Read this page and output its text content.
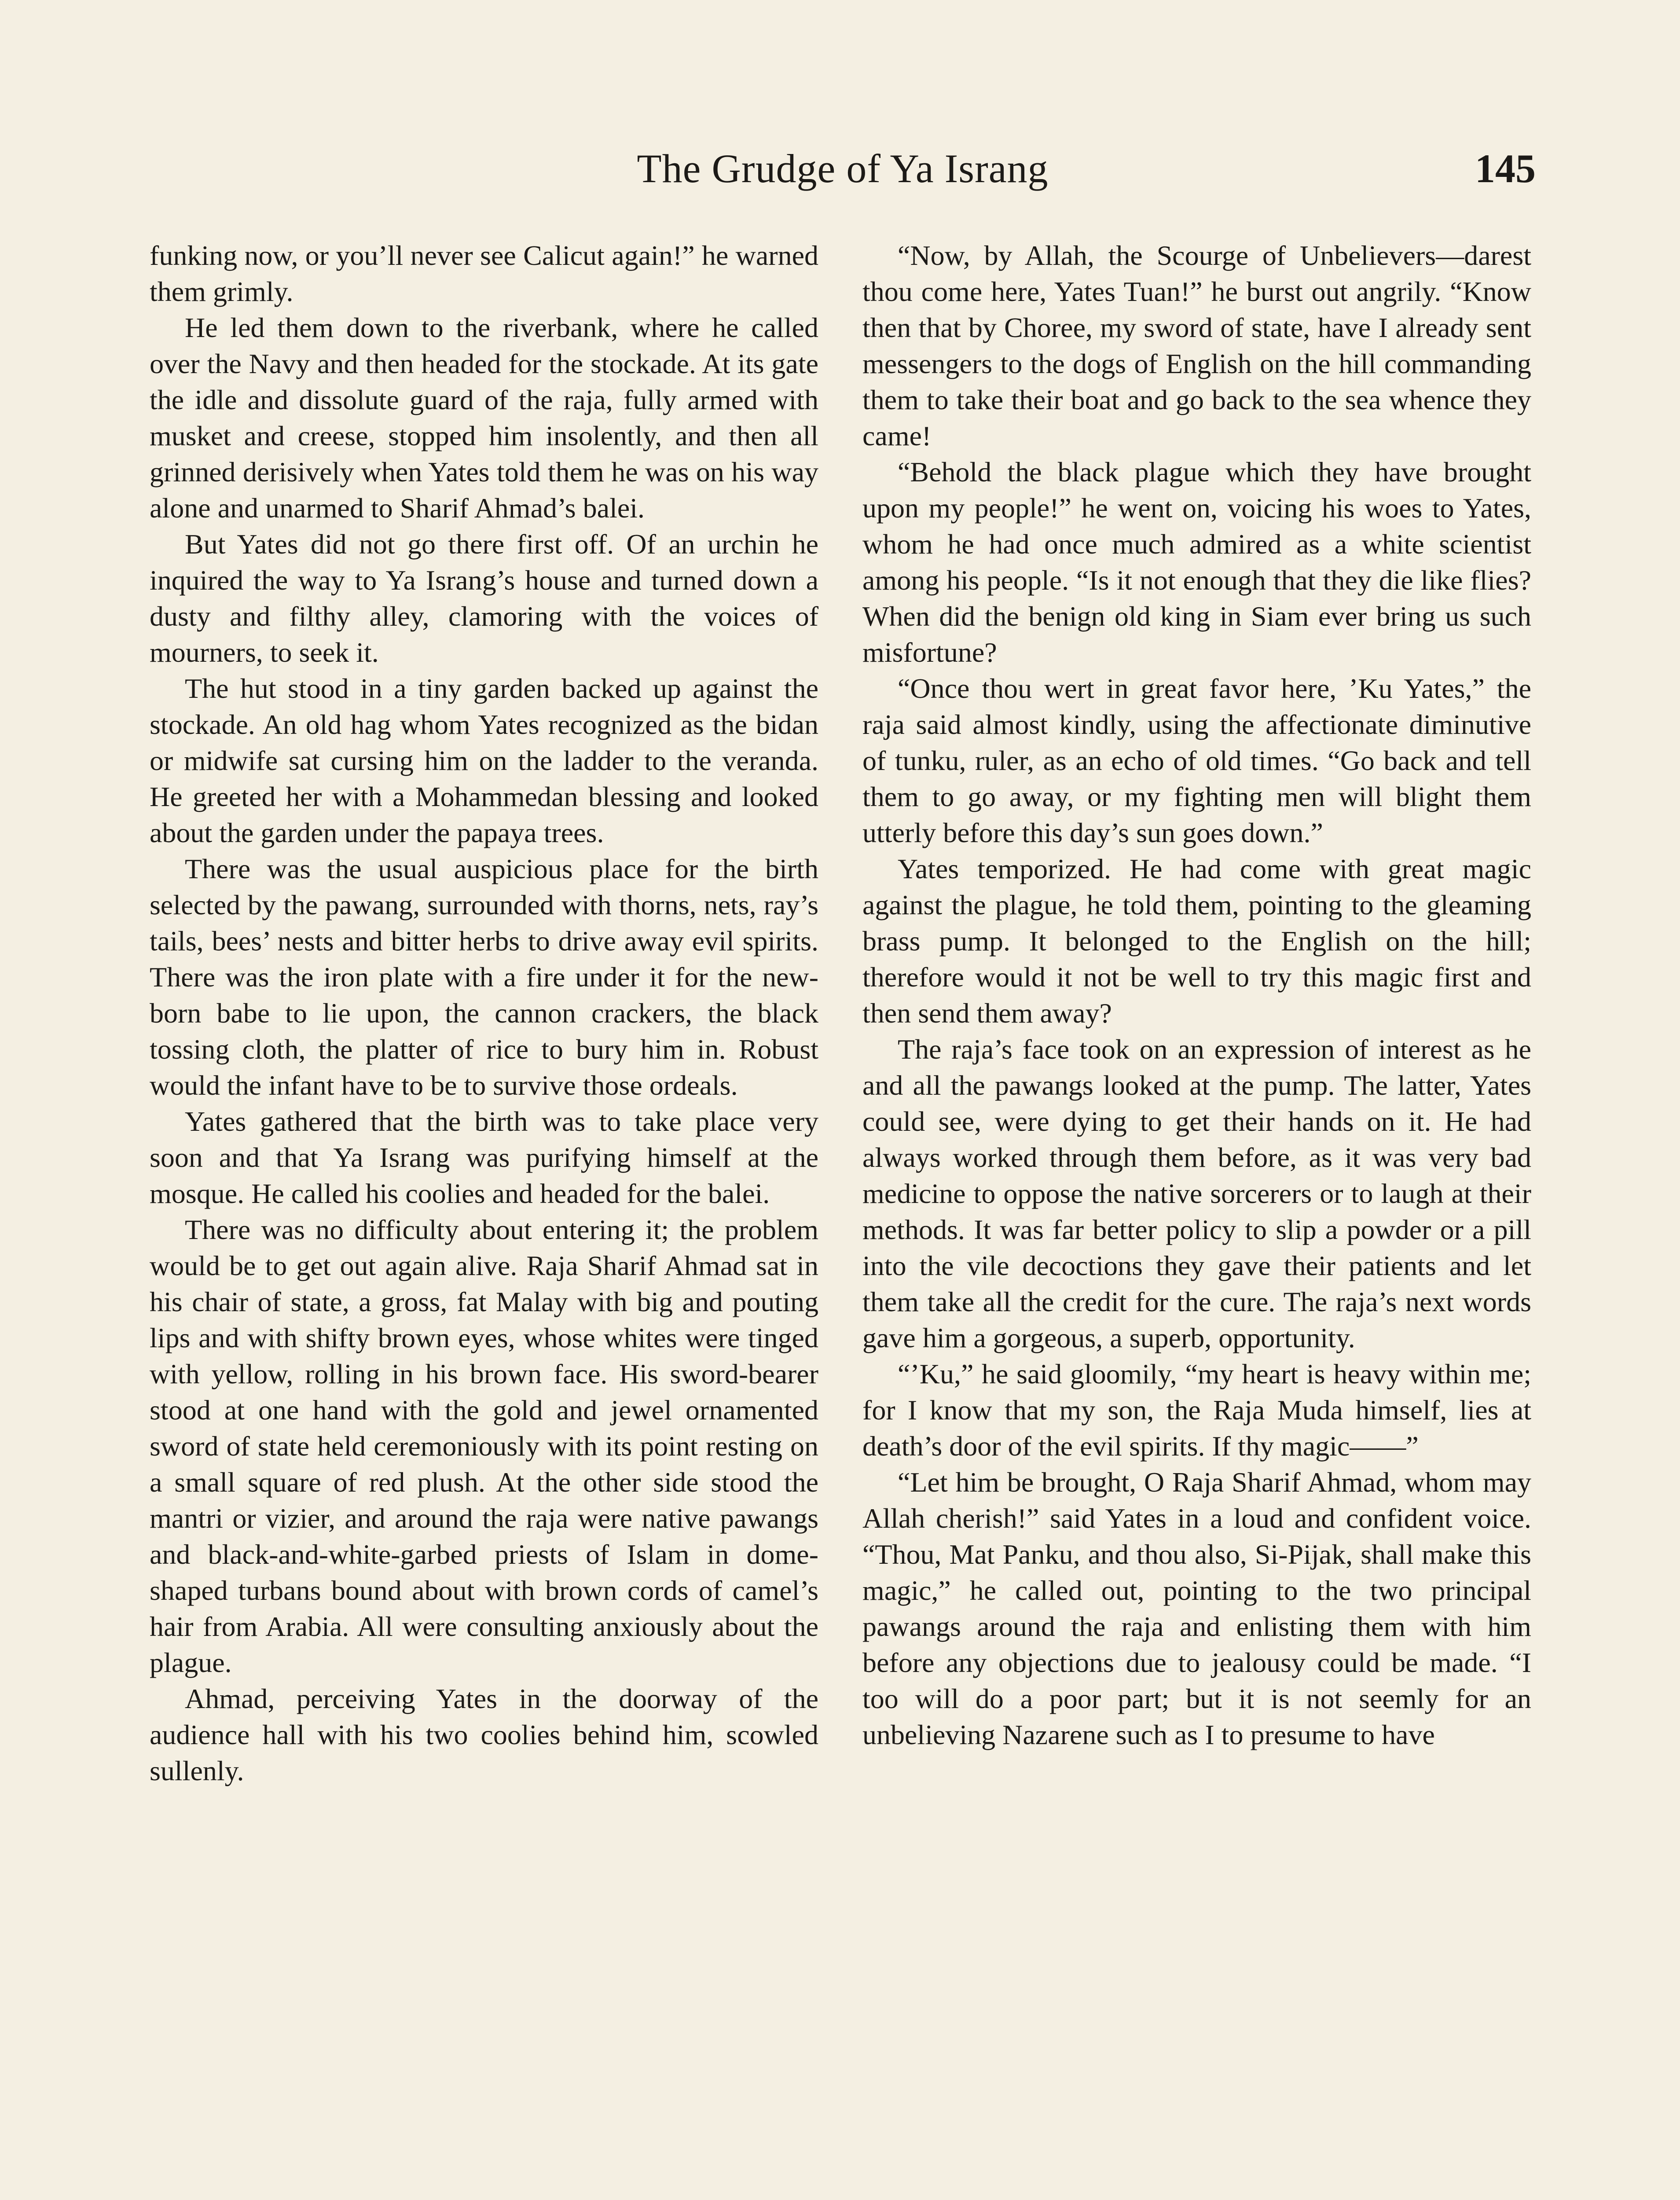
The Grudge of Ya Israng	145

funking now, or you’ll never see Calicut again!” he warned them grimly.

He led them down to the riverbank, where he called over the Navy and then headed for the stockade. At its gate the idle and dissolute guard of the raja, fully armed with musket and creese, stopped him insolently, and then all grinned derisively when Yates told them he was on his way alone and unarmed to Sharif Ahmad’s balei.

But Yates did not go there first off. Of an urchin he inquired the way to Ya Israng’s house and turned down a dusty and filthy alley, clamoring with the voices of mourners, to seek it.

The hut stood in a tiny garden backed up against the stockade. An old hag whom Yates recognized as the bidan or midwife sat cursing him on the ladder to the veranda. He greeted her with a Mohammedan blessing and looked about the garden under the papaya trees.

There was the usual auspicious place for the birth selected by the pawang, surrounded with thorns, nets, ray’s tails, bees’ nests and bitter herbs to drive away evil spirits. There was the iron plate with a fire under it for the new-born babe to lie upon, the cannon crackers, the black tossing cloth, the platter of rice to bury him in. Robust would the infant have to be to survive those ordeals.

Yates gathered that the birth was to take place very soon and that Ya Israng was purifying himself at the mosque. He called his coolies and headed for the balei.

There was no difficulty about entering it; the problem would be to get out again alive. Raja Sharif Ahmad sat in his chair of state, a gross, fat Malay with big and pouting lips and with shifty brown eyes, whose whites were tinged with yellow, rolling in his brown face. His sword-bearer stood at one hand with the gold and jewel ornamented sword of state held ceremoniously with its point resting on a small square of red plush. At the other side stood the mantri or vizier, and around the raja were native pawangs and black-and-white-garbed priests of Islam in dome-shaped turbans bound about with brown cords of camel’s hair from Arabia. All were consulting anxiously about the plague.

Ahmad, perceiving Yates in the doorway of the audience hall with his two coolies behind him, scowled sullenly.

“Now, by Allah, the Scourge of Unbelievers—darest thou come here, Yates Tuan!” he burst out angrily. “Know then that by Choree, my sword of state, have I already sent messengers to the dogs of English on the hill commanding them to take their boat and go back to the sea whence they came!

“Behold the black plague which they have brought upon my people!” he went on, voicing his woes to Yates, whom he had once much admired as a white scientist among his people. “Is it not enough that they die like flies? When did the benign old king in Siam ever bring us such misfortune?

“Once thou wert in great favor here, ’Ku Yates,” the raja said almost kindly, using the affectionate diminutive of tunku, ruler, as an echo of old times. “Go back and tell them to go away, or my fighting men will blight them utterly before this day’s sun goes down.”

Yates temporized. He had come with great magic against the plague, he told them, pointing to the gleaming brass pump. It belonged to the English on the hill; therefore would it not be well to try this magic first and then send them away?

The raja’s face took on an expression of interest as he and all the pawangs looked at the pump. The latter, Yates could see, were dying to get their hands on it. He had always worked through them before, as it was very bad medicine to oppose the native sorcerers or to laugh at their methods. It was far better policy to slip a powder or a pill into the vile decoctions they gave their patients and let them take all the credit for the cure. The raja’s next words gave him a gorgeous, a superb, opportunity.

“’Ku,” he said gloomily, “my heart is heavy within me; for I know that my son, the Raja Muda himself, lies at death’s door of the evil spirits. If thy magic——”

“Let him be brought, O Raja Sharif Ahmad, whom may Allah cherish!” said Yates in a loud and confident voice. “Thou, Mat Panku, and thou also, Si-Pijak, shall make this magic,” he called out, pointing to the two principal pawangs around the raja and enlisting them with him before any objections due to jealousy could be made. “I too will do a poor part; but it is not seemly for an unbelieving Nazarene such as I to presume to have
